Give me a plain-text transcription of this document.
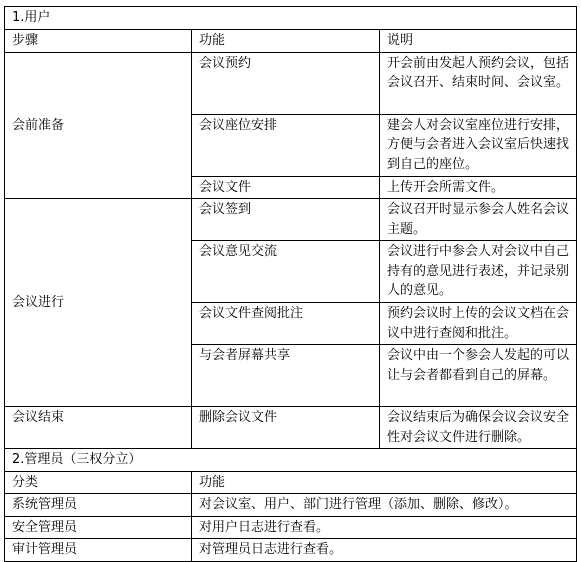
1.用户		
步骤	功能	说明
会前准备	会议预约	开会前由发起人预约会议，包括会议召开、结束时间、会议室。
	会议座位安排	建会人对会议室座位进行安排，方便与会者进入会议室后快速找到自己的座位。
	会议文件	上传开会所需文件。
会议进行	会议签到	会议召开时显示参会人姓名会议主题。
	会议意见交流	会议进行中参会人对会议中自己持有的意见进行表述，并记录别人的意见。
	会议文件查阅批注	预约会议时上传的会议文档在会议中进行查阅和批注。
	与会者屏幕共享	会议中由一个参会人发起的可以让与会者都看到自己的屏幕。
会议结束	删除会议文件	会议结束后为确保会议会议安全性对会议文件进行删除。
2.管理员（三权分立）		
分类	功能	
系统管理员	对会议室、用户、部门进行管理（添加、删除、修改）。	
安全管理员	对用户日志进行查看。	
审计管理员	对管理员日志进行查看。	
